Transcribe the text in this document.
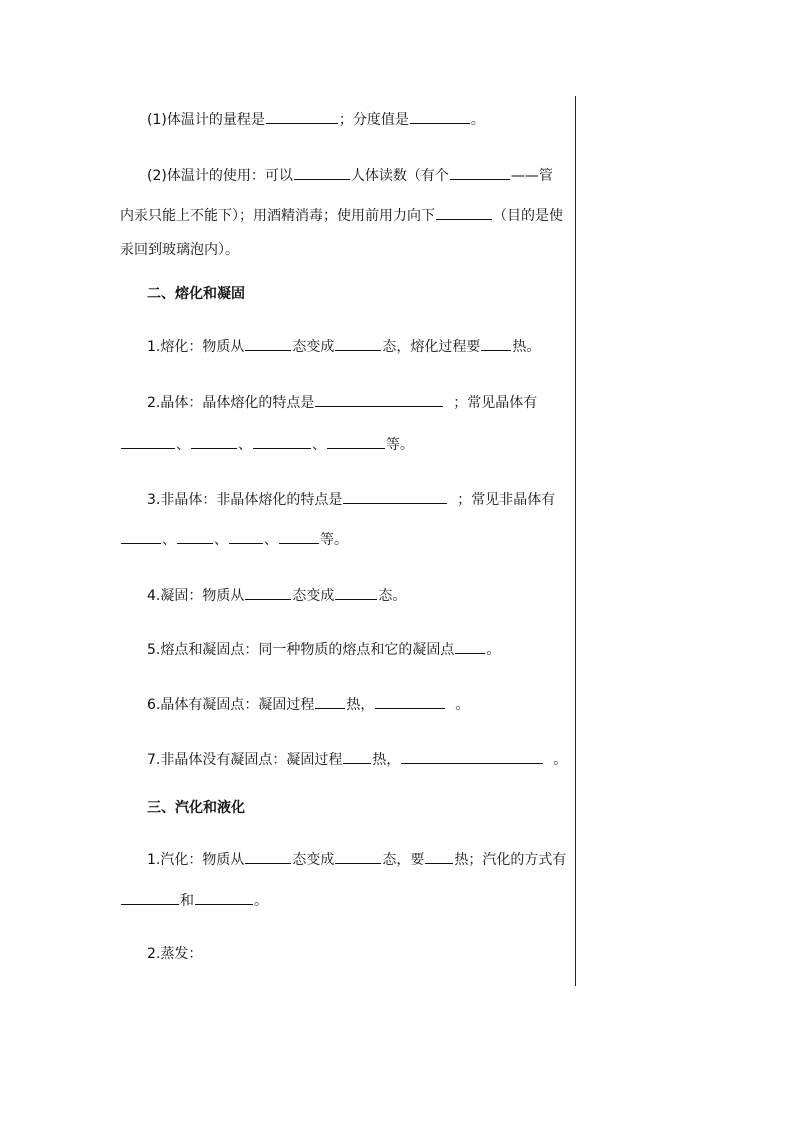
(1)体温计的量程是	；分度值是	。
(2)体温计的使用：可以	人体读数（有个	——管
内汞只能上不能下）；用酒精消毒；使用前用力向下	（目的是使
汞回到玻璃泡内）。
二、熔化和凝固
1.熔化：物质从	态变成	态，熔化过程要 热。
2.晶体：晶体熔化的特点是	；常见晶体有
、	、	、	等。
3.非晶体：非晶体熔化的特点是	；常见非晶体有
、	、	、	等。
4.凝固：物质从	态变成	态。
5.熔点和凝固点：同一种物质的熔点和它的凝固点 。
6.晶体有凝固点：凝固过程 热，	。
7.非晶体没有凝固点：凝固过程 热，	。
三、汽化和液化
1.汽化：物质从	态变成	态，要 热；汽化的方式有
和	。
2.蒸发：
